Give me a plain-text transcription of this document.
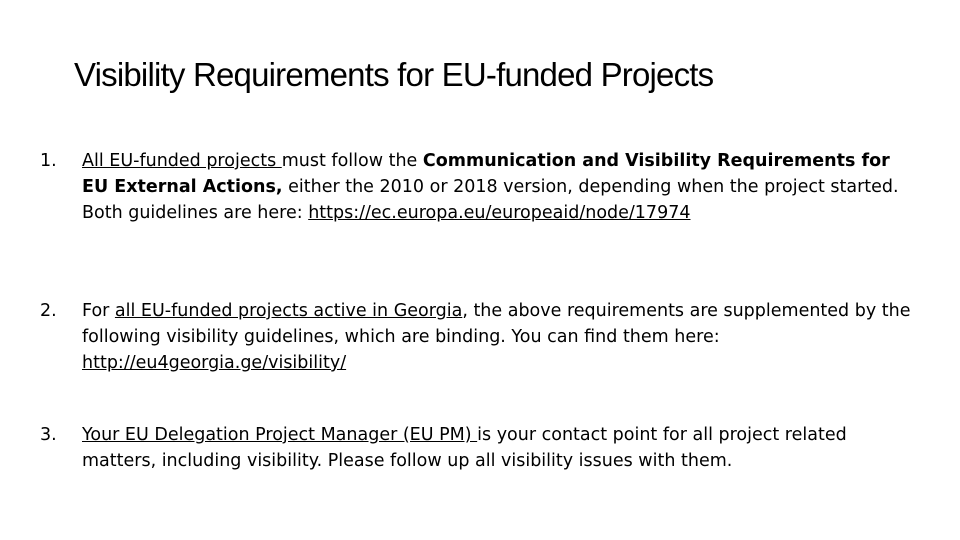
Visibility Requirements for EU-funded Projects
1. All EU-funded projects must follow the Communication and Visibility Requirements for EU External Actions, either the 2010 or 2018 version, depending when the project started. Both guidelines are here: https://ec.europa.eu/europeaid/node/17974
2. For all EU-funded projects active in Georgia, the above requirements are supplemented by the following visibility guidelines, which are binding. You can find them here: http://eu4georgia.ge/visibility/
3. Your EU Delegation Project Manager (EU PM) is your contact point for all project related matters, including visibility. Please follow up all visibility issues with them.
